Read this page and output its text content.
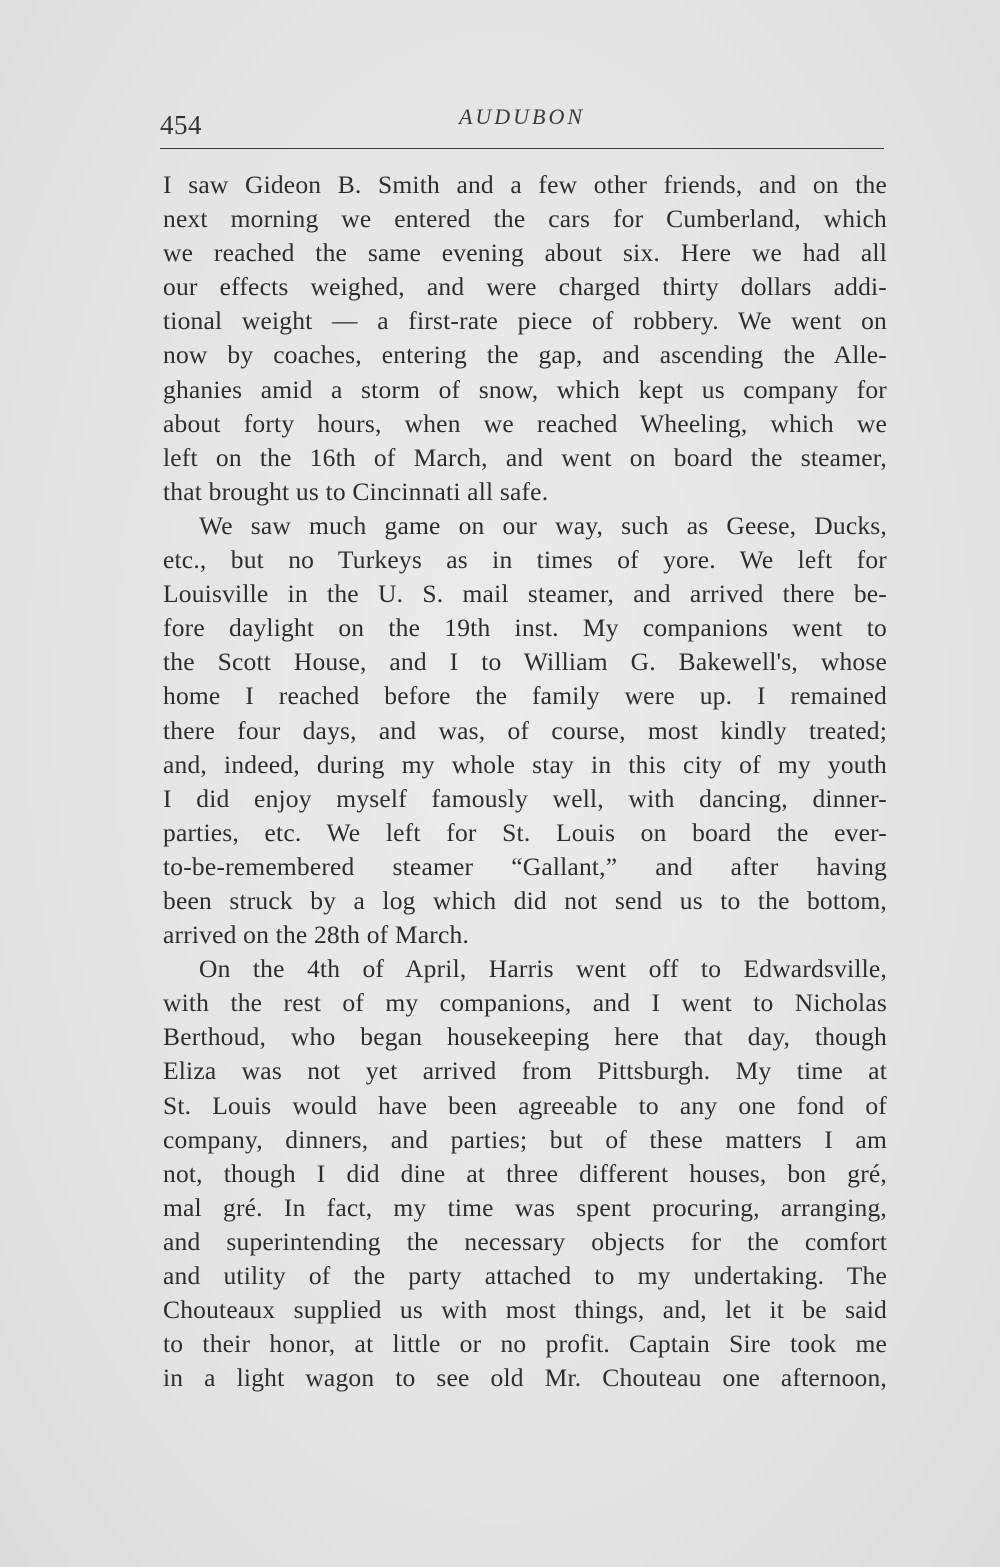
454	AUDUBON
I saw Gideon B. Smith and a few other friends, and on the
next morning we entered the cars for Cumberland, which
we reached the same evening about six. Here we had all
our effects weighed, and were charged thirty dollars addi-
tional weight — a first-rate piece of robbery. We went on
now by coaches, entering the gap, and ascending the Alle-
ghanies amid a storm of snow, which kept us company for
about forty hours, when we reached Wheeling, which we
left on the 16th of March, and went on board the steamer,
that brought us to Cincinnati all safe.
We saw much game on our way, such as Geese, Ducks,
etc., but no Turkeys as in times of yore. We left for
Louisville in the U. S. mail steamer, and arrived there be-
fore daylight on the 19th inst. My companions went to
the Scott House, and I to William G. Bakewell's, whose
home I reached before the family were up. I remained
there four days, and was, of course, most kindly treated;
and, indeed, during my whole stay in this city of my youth
I did enjoy myself famously well, with dancing, dinner-
parties, etc. We left for St. Louis on board the ever-
to-be-remembered steamer “Gallant,” and after having
been struck by a log which did not send us to the bottom,
arrived on the 28th of March.
On the 4th of April, Harris went off to Edwardsville,
with the rest of my companions, and I went to Nicholas
Berthoud, who began housekeeping here that day, though
Eliza was not yet arrived from Pittsburgh. My time at
St. Louis would have been agreeable to any one fond of
company, dinners, and parties; but of these matters I am
not, though I did dine at three different houses, bon gré,
mal gré. In fact, my time was spent procuring, arranging,
and superintending the necessary objects for the comfort
and utility of the party attached to my undertaking. The
Chouteaux supplied us with most things, and, let it be said
to their honor, at little or no profit. Captain Sire took me
in a light wagon to see old Mr. Chouteau one afternoon,
